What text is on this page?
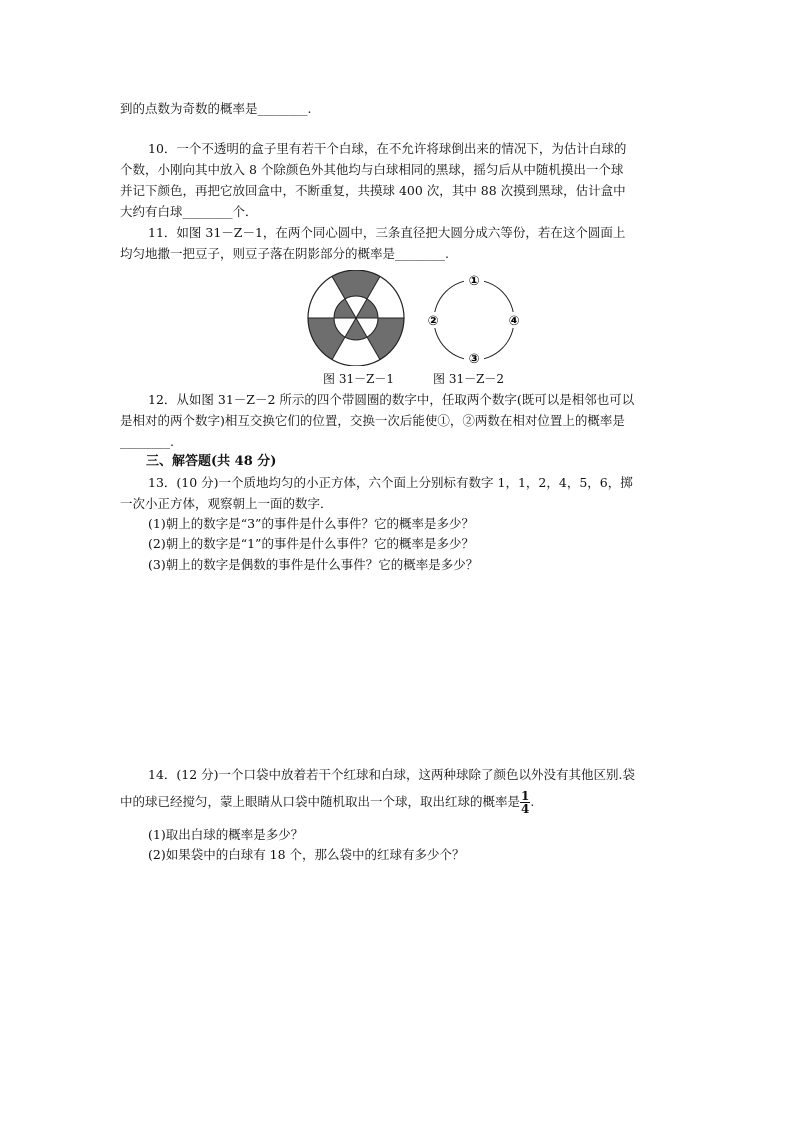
到的点数为奇数的概率是________.
10．一个不透明的盒子里有若干个白球，在不允许将球倒出来的情况下，为估计白球的
个数，小刚向其中放入 8 个除颜色外其他均与白球相同的黑球，摇匀后从中随机摸出一个球
并记下颜色，再把它放回盒中，不断重复，共摸球 400 次，其中 88 次摸到黑球，估计盒中
大约有白球________个．
11．如图 31－Z－1，在两个同心圆中，三条直径把大圆分成六等份，若在这个圆面上
均匀地撒一把豆子，则豆子落在阴影部分的概率是________.
①
②	④
③
图 31－Z－1	图 31－Z－2
12．从如图 31－Z－2 所示的四个带圆圈的数字中，任取两个数字(既可以是相邻也可以
是相对的两个数字)相互交换它们的位置，交换一次后能使①，②两数在相对位置上的概率是
________.
三、解答题(共 48 分)
13．(10 分)一个质地均匀的小正方体，六个面上分别标有数字 1，1，2，4，5，6，掷
一次小正方体，观察朝上一面的数字．
(1)朝上的数字是“3”的事件是什么事件？它的概率是多少？
(2)朝上的数字是“1”的事件是什么事件？它的概率是多少？
(3)朝上的数字是偶数的事件是什么事件？它的概率是多少？
14．(12 分)一个口袋中放着若干个红球和白球，这两种球除了颜色以外没有其他区别.袋
中的球已经搅匀，蒙上眼睛从口袋中随机取出一个球，取出红球的概率是 $\frac{1}{4}$ .
(1)取出白球的概率是多少？
(2)如果袋中的白球有 18 个，那么袋中的红球有多少个？
